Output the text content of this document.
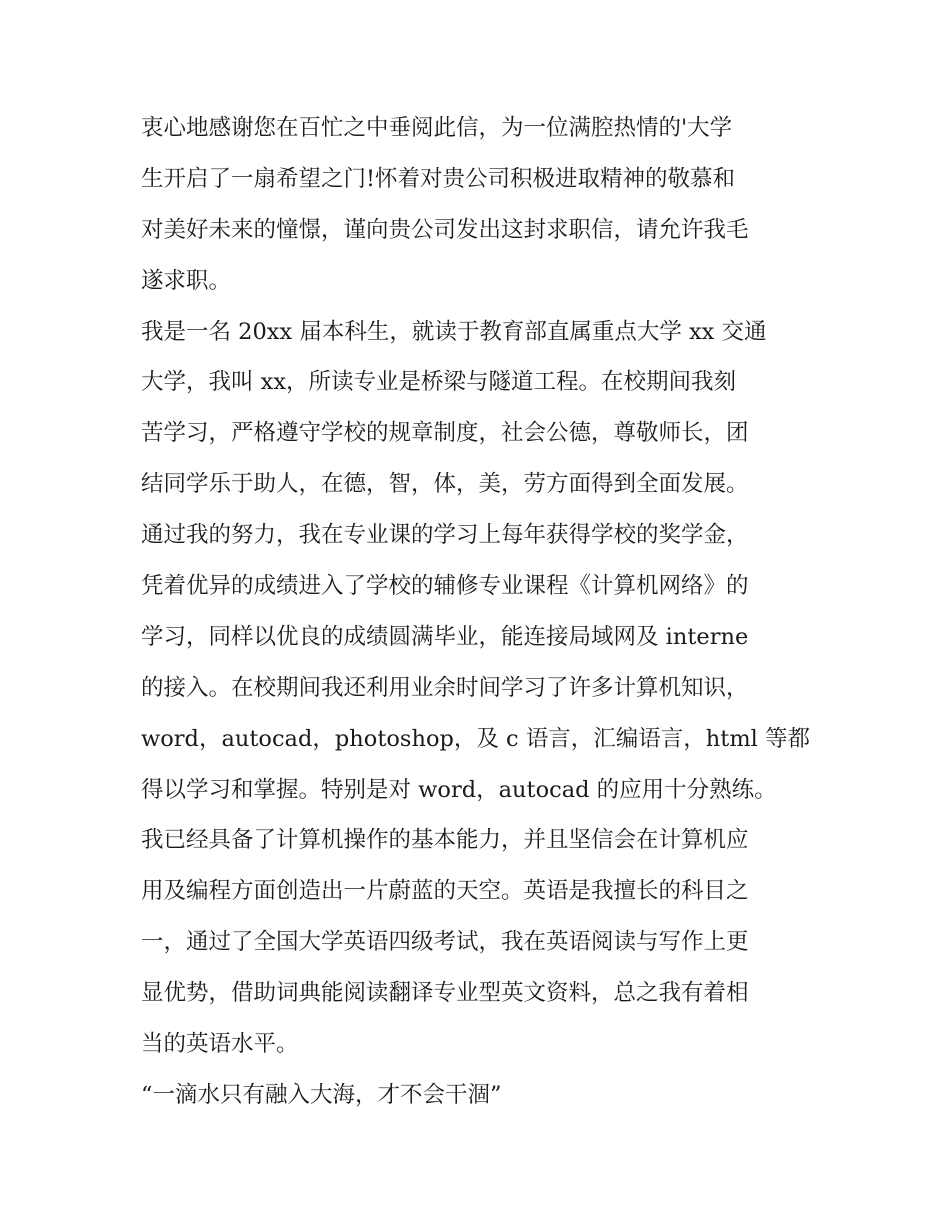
衷心地感谢您在百忙之中垂阅此信，为一位满腔热情的'大学
生开启了一扇希望之门!怀着对贵公司积极进取精神的敬慕和
对美好未来的憧憬，谨向贵公司发出这封求职信，请允许我毛
遂求职。
我是一名 20xx 届本科生，就读于教育部直属重点大学 xx 交通
大学，我叫 xx，所读专业是桥梁与隧道工程。在校期间我刻
苦学习，严格遵守学校的规章制度，社会公德，尊敬师长，团
结同学乐于助人，在德，智，体，美，劳方面得到全面发展。
通过我的努力，我在专业课的学习上每年获得学校的奖学金，
凭着优异的成绩进入了学校的辅修专业课程《计算机网络》的
学习，同样以优良的成绩圆满毕业，能连接局域网及 interne
的接入。在校期间我还利用业余时间学习了许多计算机知识，
word，autocad，photoshop，及 c 语言，汇编语言，html 等都
得以学习和掌握。特别是对 word，autocad 的应用十分熟练。
我已经具备了计算机操作的基本能力，并且坚信会在计算机应
用及编程方面创造出一片蔚蓝的天空。英语是我擅长的科目之
一，通过了全国大学英语四级考试，我在英语阅读与写作上更
显优势，借助词典能阅读翻译专业型英文资料，总之我有着相
当的英语水平。
“一滴水只有融入大海，才不会干涸”
